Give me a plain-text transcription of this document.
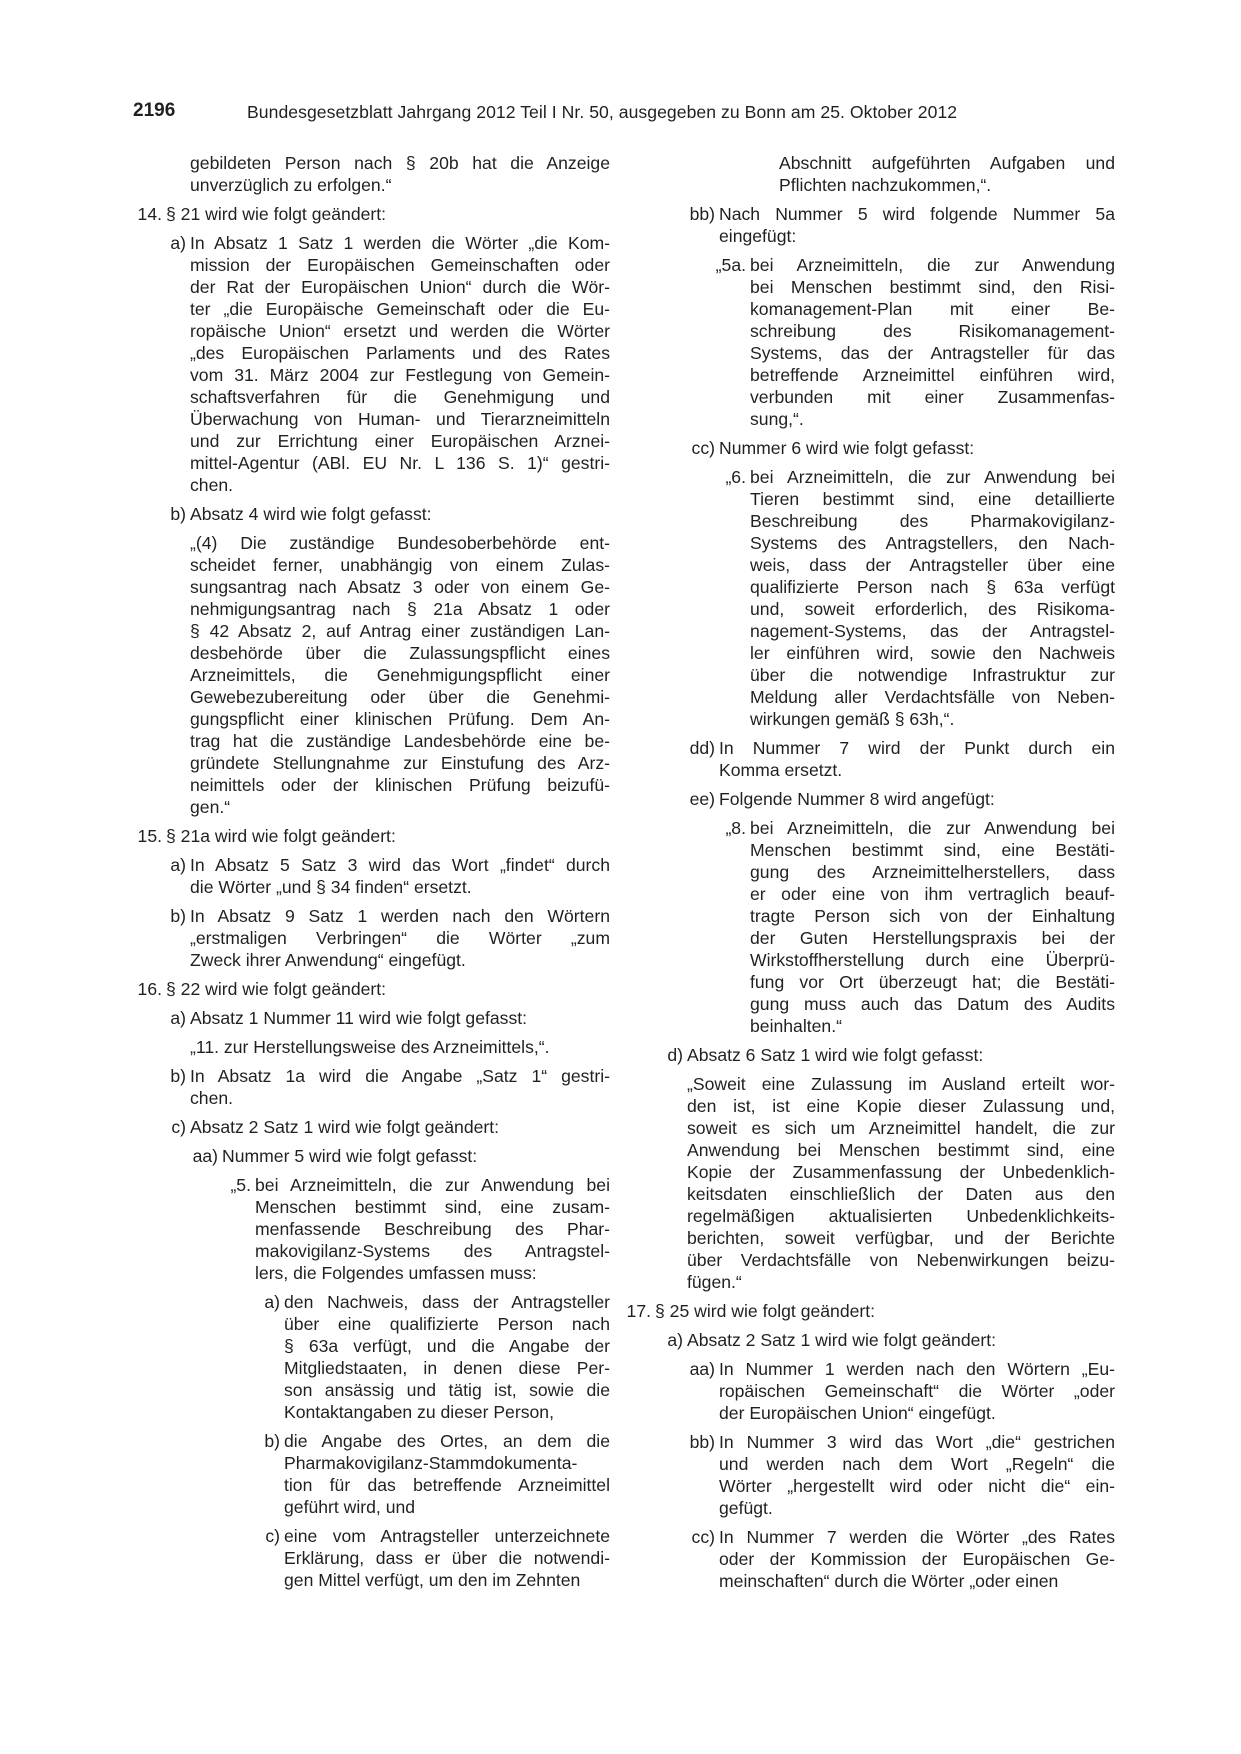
2196	Bundesgesetzblatt Jahrgang 2012 Teil I Nr. 50, ausgegeben zu Bonn am 25. Oktober 2012
gebildeten Person nach § 20b hat die Anzeige
unverzüglich zu erfolgen.“
14. § 21 wird wie folgt geändert:
a) In Absatz 1 Satz 1 werden die Wörter „die Kom-
mission der Europäischen Gemeinschaften oder
der Rat der Europäischen Union“ durch die Wör-
ter „die Europäische Gemeinschaft oder die Eu-
ropäische Union“ ersetzt und werden die Wörter
„des Europäischen Parlaments und des Rates
vom 31. März 2004 zur Festlegung von Gemein-
schaftsverfahren für die Genehmigung und
Überwachung von Human- und Tierarzneimitteln
und zur Errichtung einer Europäischen Arznei-
mittel-Agentur (ABl. EU Nr. L 136 S. 1)“ gestri-
chen.
b) Absatz 4 wird wie folgt gefasst:
„(4) Die zuständige Bundesoberbehörde ent-
scheidet ferner, unabhängig von einem Zulas-
sungsantrag nach Absatz 3 oder von einem Ge-
nehmigungsantrag nach § 21a Absatz 1 oder
§ 42 Absatz 2, auf Antrag einer zuständigen Lan-
desbehörde über die Zulassungspflicht eines
Arzneimittels, die Genehmigungspflicht einer
Gewebezubereitung oder über die Genehmi-
gungspflicht einer klinischen Prüfung. Dem An-
trag hat die zuständige Landesbehörde eine be-
gründete Stellungnahme zur Einstufung des Arz-
neimittels oder der klinischen Prüfung beizufü-
gen.“
15. § 21a wird wie folgt geändert:
a) In Absatz 5 Satz 3 wird das Wort „findet“ durch
die Wörter „und § 34 finden“ ersetzt.
b) In Absatz 9 Satz 1 werden nach den Wörtern
„erstmaligen Verbringen“ die Wörter „zum
Zweck ihrer Anwendung“ eingefügt.
16. § 22 wird wie folgt geändert:
a) Absatz 1 Nummer 11 wird wie folgt gefasst:
„11. zur Herstellungsweise des Arzneimittels,“.
b) In Absatz 1a wird die Angabe „Satz 1“ gestri-
chen.
c) Absatz 2 Satz 1 wird wie folgt geändert:
aa) Nummer 5 wird wie folgt gefasst:
„5. bei Arzneimitteln, die zur Anwendung bei
Menschen bestimmt sind, eine zusam-
menfassende Beschreibung des Phar-
makovigilanz-Systems des Antragstel-
lers, die Folgendes umfassen muss:
a) den Nachweis, dass der Antragsteller
über eine qualifizierte Person nach
§ 63a verfügt, und die Angabe der
Mitgliedstaaten, in denen diese Per-
son ansässig und tätig ist, sowie die
Kontaktangaben zu dieser Person,
b) die Angabe des Ortes, an dem die
Pharmakovigilanz-Stammdokumenta-
tion für das betreffende Arzneimittel
geführt wird, und
c) eine vom Antragsteller unterzeichnete
Erklärung, dass er über die notwendi-
gen Mittel verfügt, um den im Zehnten
Abschnitt aufgeführten Aufgaben und
Pflichten nachzukommen,“.
bb) Nach Nummer 5 wird folgende Nummer 5a
eingefügt:
„5a. bei Arzneimitteln, die zur Anwendung
bei Menschen bestimmt sind, den Risi-
komanagement-Plan mit einer Be-
schreibung des Risikomanagement-
Systems, das der Antragsteller für das
betreffende Arzneimittel einführen wird,
verbunden mit einer Zusammenfas-
sung,“.
cc) Nummer 6 wird wie folgt gefasst:
„6. bei Arzneimitteln, die zur Anwendung bei
Tieren bestimmt sind, eine detaillierte
Beschreibung des Pharmakovigilanz-
Systems des Antragstellers, den Nach-
weis, dass der Antragsteller über eine
qualifizierte Person nach § 63a verfügt
und, soweit erforderlich, des Risikoma-
nagement-Systems, das der Antragstel-
ler einführen wird, sowie den Nachweis
über die notwendige Infrastruktur zur
Meldung aller Verdachtsfälle von Neben-
wirkungen gemäß § 63h,“.
dd) In Nummer 7 wird der Punkt durch ein
Komma ersetzt.
ee) Folgende Nummer 8 wird angefügt:
„8. bei Arzneimitteln, die zur Anwendung bei
Menschen bestimmt sind, eine Bestäti-
gung des Arzneimittelherstellers, dass
er oder eine von ihm vertraglich beauf-
tragte Person sich von der Einhaltung
der Guten Herstellungspraxis bei der
Wirkstoffherstellung durch eine Überprü-
fung vor Ort überzeugt hat; die Bestäti-
gung muss auch das Datum des Audits
beinhalten.“
d) Absatz 6 Satz 1 wird wie folgt gefasst:
„Soweit eine Zulassung im Ausland erteilt wor-
den ist, ist eine Kopie dieser Zulassung und,
soweit es sich um Arzneimittel handelt, die zur
Anwendung bei Menschen bestimmt sind, eine
Kopie der Zusammenfassung der Unbedenklich-
keitsdaten einschließlich der Daten aus den
regelmäßigen aktualisierten Unbedenklichkeits-
berichten, soweit verfügbar, und der Berichte
über Verdachtsfälle von Nebenwirkungen beizu-
fügen.“
17. § 25 wird wie folgt geändert:
a) Absatz 2 Satz 1 wird wie folgt geändert:
aa) In Nummer 1 werden nach den Wörtern „Eu-
ropäischen Gemeinschaft“ die Wörter „oder
der Europäischen Union“ eingefügt.
bb) In Nummer 3 wird das Wort „die“ gestrichen
und werden nach dem Wort „Regeln“ die
Wörter „hergestellt wird oder nicht die“ ein-
gefügt.
cc) In Nummer 7 werden die Wörter „des Rates
oder der Kommission der Europäischen Ge-
meinschaften“ durch die Wörter „oder einen
